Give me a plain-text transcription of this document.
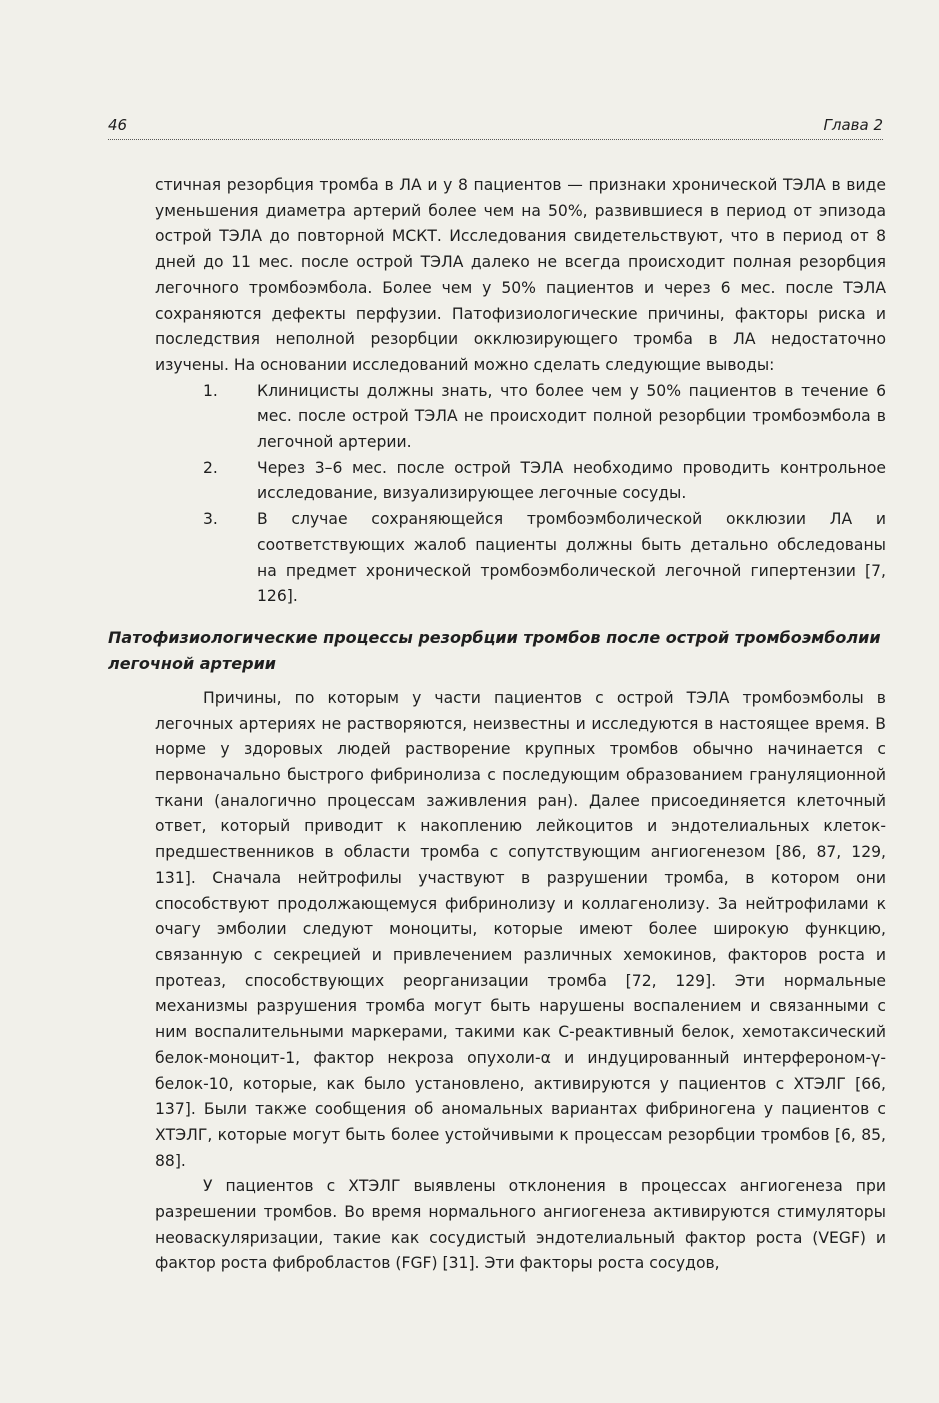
46	Глава 2

стичная резорбция тромба в ЛА и у 8 пациентов — признаки хронической ТЭЛА в виде уменьшения диаметра артерий более чем на 50%, развившиеся в период от эпизода острой ТЭЛА до повторной МСКТ. Исследования свидетельствуют, что в период от 8 дней до 11 мес. после острой ТЭЛА далеко не всегда происходит полная резорбция легочного тромбоэмбола. Более чем у 50% пациентов и через 6 мес. после ТЭЛА сохраняются дефекты перфузии. Патофизиологические причины, факторы риска и последствия неполной резорбции окклюзирующего тромба в ЛА недостаточно изучены. На основании исследований можно сделать следующие выводы:

1.	Клиницисты должны знать, что более чем у 50% пациентов в течение 6 мес. после острой ТЭЛА не происходит полной резорбции тромбоэмбола в легочной артерии.
2.	Через 3–6 мес. после острой ТЭЛА необходимо проводить контрольное исследование, визуализирующее легочные сосуды.
3.	В случае сохраняющейся тромбоэмболической окклюзии ЛА и соответствующих жалоб пациенты должны быть детально обследованы на предмет хронической тромбоэмболической легочной гипертензии [7, 126].
Патофизиологические процессы резорбции тромбов после острой тромбоэмболии легочной артерии

Причины, по которым у части пациентов с острой ТЭЛА тромбоэмболы в легочных артериях не растворяются, неизвестны и исследуются в настоящее время. В норме у здоровых людей растворение крупных тромбов обычно начинается с первоначально быстрого фибринолиза с последующим образованием грануляционной ткани (аналогично процессам заживления ран). Далее присоединяется клеточный ответ, который приводит к накоплению лейкоцитов и эндотелиальных клеток-предшественников в области тромба с сопутствующим ангиогенезом [86, 87, 129, 131]. Сначала нейтрофилы участвуют в разрушении тромба, в котором они способствуют продолжающемуся фибринолизу и коллагенолизу. За нейтрофилами к очагу эмболии следуют моноциты, которые имеют более широкую функцию, связанную с секрецией и привлечением различных хемокинов, факторов роста и протеаз, способствующих реорганизации тромба [72, 129]. Эти нормальные механизмы разрушения тромба могут быть нарушены воспалением и связанными с ним воспалительными маркерами, такими как C-реактивный белок, хемотаксический белок-моноцит-1, фактор некроза опухоли-α и индуцированный интерфероном-γ-белок-10, которые, как было установлено, активируются у пациентов с ХТЭЛГ [66, 137]. Были также сообщения об аномальных вариантах фибриногена у пациентов с ХТЭЛГ, которые могут быть более устойчивыми к процессам резорбции тромбов [6, 85, 88].

У пациентов с ХТЭЛГ выявлены отклонения в процессах ангиогенеза при разрешении тромбов. Во время нормального ангиогенеза активируются стимуляторы неоваскуляризации, такие как сосудистый эндотелиальный фактор роста (VEGF) и фактор роста фибробластов (FGF) [31]. Эти факторы роста сосудов,
